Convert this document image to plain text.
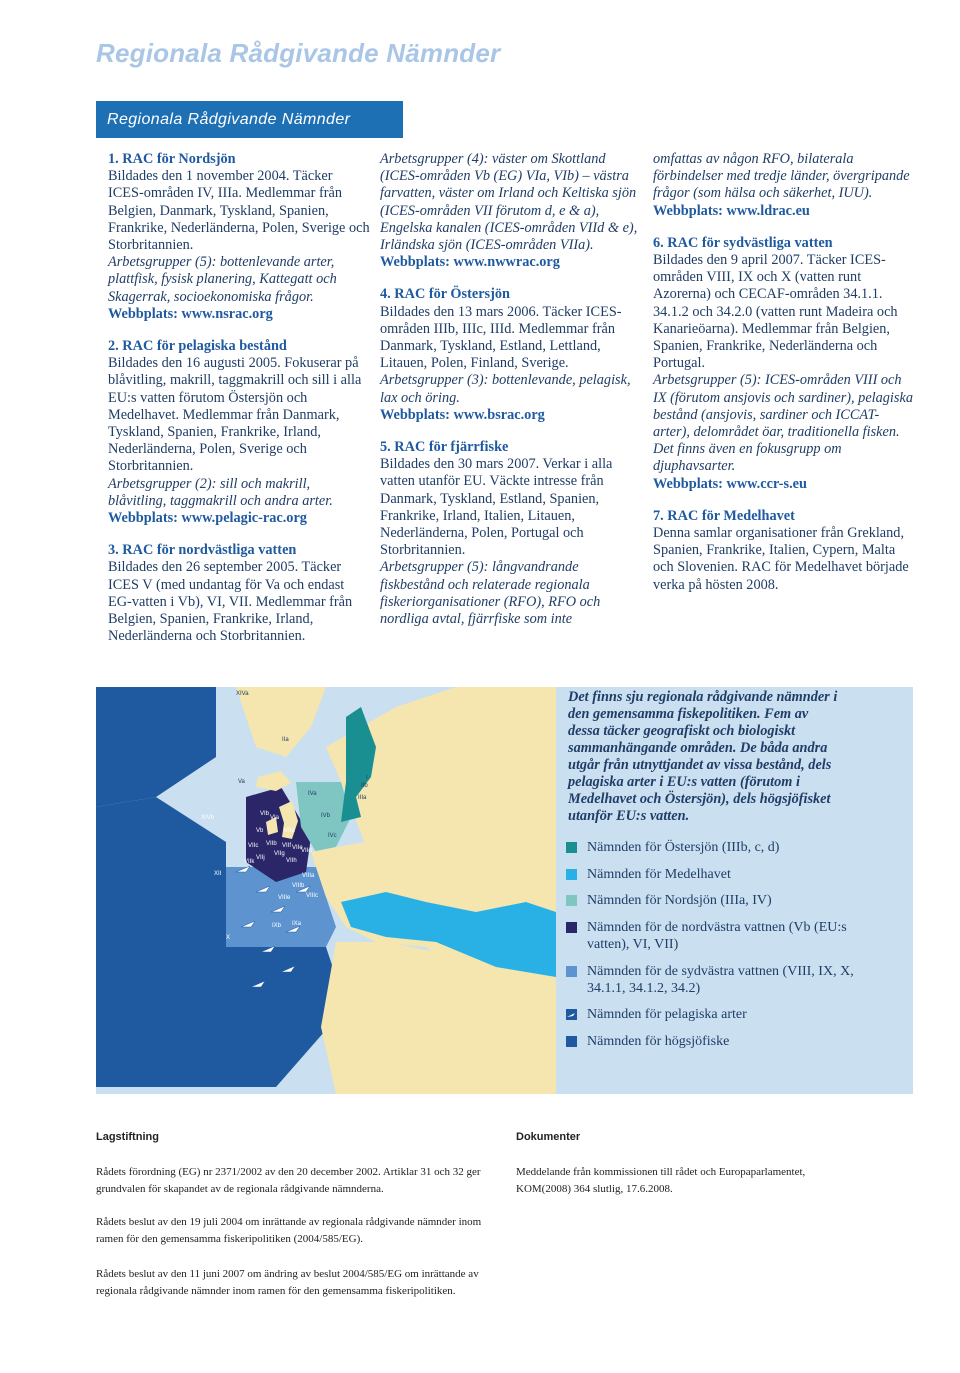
Regionala Rådgivande Nämnder
Regionala Rådgivande Nämnder
1. RAC för Nordsjön
Bildades den 1 november 2004. Täcker ICES-områden IV, IIIa. Medlemmar från Belgien, Danmark, Tyskland, Spanien, Frankrike, Nederländerna, Polen, Sverige och Storbritannien.
Arbetsgrupper (5): bottenlevande arter, plattfisk, fysisk planering, Kattegatt och Skagerrak, socioekonomiska frågor.
Webbplats: www.nsrac.org
2. RAC för pelagiska bestånd
Bildades den 16 augusti 2005. Fokuserar på blåvitling, makrill, taggmakrill och sill i alla EU:s vatten förutom Östersjön och Medelhavet. Medlemmar från Danmark, Tyskland, Spanien, Frankrike, Irland, Nederländerna, Polen, Sverige och Storbritannien.
Arbetsgrupper (2): sill och makrill, blåvitling, taggmakrill och andra arter.
Webbplats: www.pelagic-rac.org
3. RAC för nordvästliga vatten
Bildades den 26 september 2005. Täcker ICES V (med undantag för Va och endast EG-vatten i Vb), VI, VII. Medlemmar från Belgien, Spanien, Frankrike, Irland, Nederländerna och Storbritannien.
Arbetsgrupper (4): väster om Skottland (ICES-områden Vb (EG) VIa, VIb) – västra farvatten, väster om Irland och Keltiska sjön (ICES-områden VII förutom d, e & a), Engelska kanalen (ICES-områden VIId & e), Irländska sjön (ICES-områden VIIa).
Webbplats: www.nwwrac.org
4. RAC för Östersjön
Bildades den 13 mars 2006. Täcker ICES-områden IIIb, IIIc, IIId. Medlemmar från Danmark, Tyskland, Estland, Lettland, Litauen, Polen, Finland, Sverige.
Arbetsgrupper (3): bottenlevande, pelagisk, lax och öring.
Webbplats: www.bsrac.org
5. RAC för fjärrfiske
Bildades den 30 mars 2007. Verkar i alla vatten utanför EU. Väckte intresse från Danmark, Tyskland, Estland, Spanien, Frankrike, Irland, Italien, Litauen, Nederländerna, Polen, Portugal och Storbritannien.
Arbetsgrupper (5): långvandrande fiskbestånd och relaterade regionala fiskeriorganisationer (RFO), RFO och nordliga avtal, fjärrfiske som inte
omfattas av någon RFO, bilaterala förbindelser med tredje länder, övergripande frågor (som hälsa och säkerhet, IUU).
Webbplats: www.ldrac.eu
6. RAC för sydvästliga vatten
Bildades den 9 april 2007. Täcker ICES-områden VIII, IX och X (vatten runt Azorerna) och CECAF-områden 34.1.1. 34.1.2 och 34.2.0 (vatten runt Madeira och Kanarieöarna). Medlemmar från Belgien, Spanien, Frankrike, Nederländerna och Portugal.
Arbetsgrupper (5): ICES-områden VIII och IX (förutom ansjovis och sardiner), pelagiska bestånd (ansjovis, sardiner och ICCAT-arter), delområdet öar, traditionella fisken. Det finns även en fokusgrupp om djuphavsarter.
Webbplats: www.ccr-s.eu
7. RAC för Medelhavet
Denna samlar organisationer från Grekland, Spanien, Frankrike, Italien, Cypern, Malta och Slovenien. RAC för Medelhavet började verka på hösten 2008.
XIVb
XII
Va
Vb
VIa
VIb
VIIa
VIIb
VIIc
VIIj
VIIk
VIIg
VIIh
VIIe
VIId
VIIf
VIIIa
VIIIb
VIIIc
VIIIe
IXa
IXb
X
IVa
IVb
IVc
IIIa
IIa
I
IIb
XIVa	Det finns sju regionala rådgivande nämnder i den gemensamma fiskepolitiken. Fem av dessa täcker geografiskt och biologiskt sammanhängande områden. De båda andra utgår från utnyttjandet av vissa bestånd, dels pelagiska arter i EU:s vatten (förutom i Medelhavet och Östersjön), dels högsjöfisket utanför EU:s vatten.
Nämnden för Östersjön (IIIb, c, d)
Nämnden för Medelhavet
Nämnden för Nordsjön (IIIa, IV)
Nämnden för de nordvästra vattnen (Vb (EU:s vatten), VI, VII)
Nämnden för de sydvästra vattnen (VIII, IX, X, 34.1.1, 34.1.2, 34.2)
Nämnden för pelagiska arter
Nämnden för högsjöfiske
Lagstiftning
Rådets förordning (EG) nr 2371/2002 av den 20 december 2002. Artiklar 31 och 32 ger grundvalen för skapandet av de regionala rådgivande nämnderna.
Rådets beslut av den 19 juli 2004 om inrättande av regionala rådgivande nämnder inom ramen för den gemensamma fiskeripolitiken (2004/585/EG).
Rådets beslut av den 11 juni 2007 om ändring av beslut 2004/585/EG om inrättande av regionala rådgivande nämnder inom ramen för den gemensamma fiskeripolitiken.
Dokumenter
Meddelande från kommissionen till rådet och Europaparlamentet, KOM(2008) 364 slutlig, 17.6.2008.
